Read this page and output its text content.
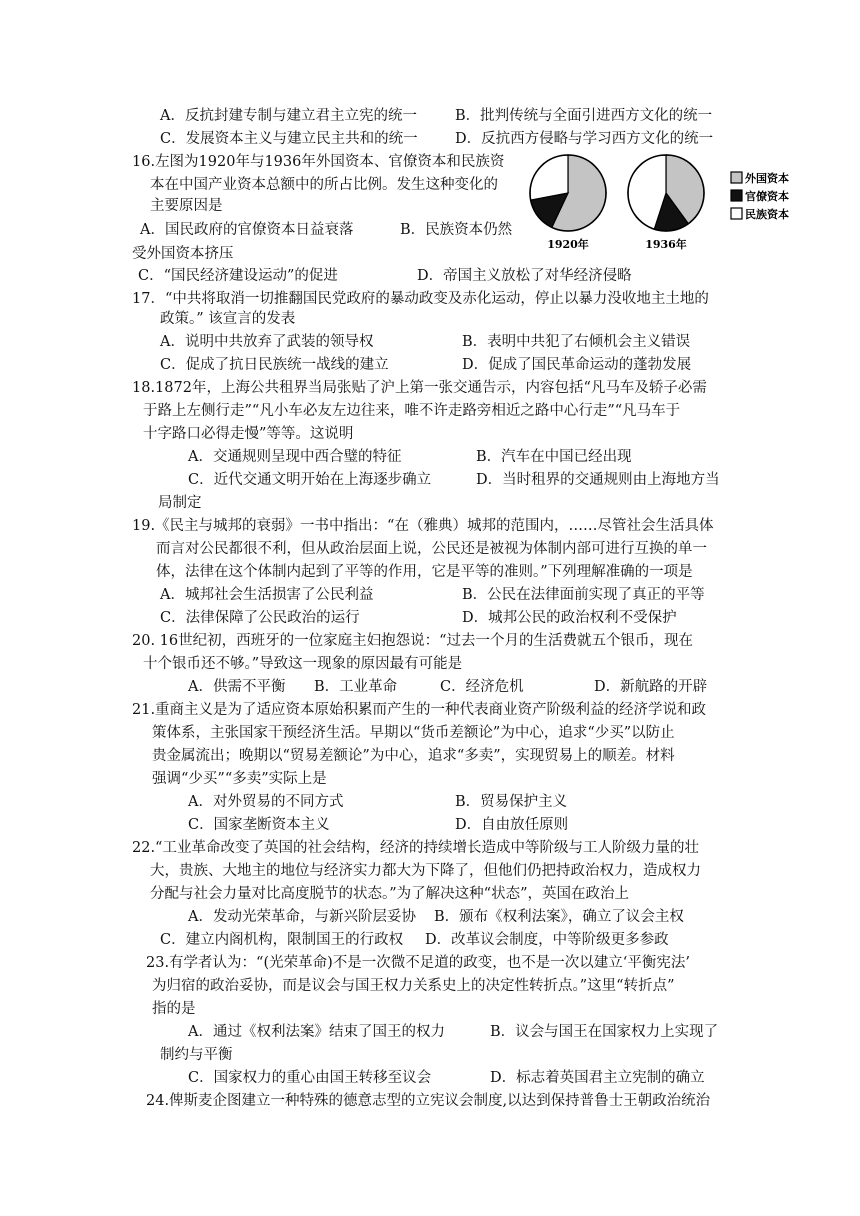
A．反抗封建专制与建立君主立宪的统一	B．批判传统与全面引进西方文化的统一
C．发展资本主义与建立民主共和的统一	D．反抗西方侵略与学习西方文化的统一
16.左图为1920年与1936年外国资本、官僚资本和民族资
本在中国产业资本总额中的所占比例。发生这种变化的
主要原因是
A．国民政府的官僚资本日益衰落	B．民族资本仍然
受外国资本挤压
C．“国民经济建设运动”的促进	D．帝国主义放松了对华经济侵略
1920年	1936年
外国资本
官僚资本
民族资本
17．“中共将取消一切推翻国民党政府的暴动政变及赤化运动，停止以暴力没收地主土地的
政策。” 该宣言的发表
A．说明中共放弃了武装的领导权	B．表明中共犯了右倾机会主义错误
C．促成了抗日民族统一战线的建立	D．促成了国民革命运动的蓬勃发展
18.1872年，上海公共租界当局张贴了沪上第一张交通告示，内容包括“凡马车及轿子必需
于路上左侧行走”“凡小车必友左边往来，唯不许走路旁相近之路中心行走”“凡马车于
十字路口必得走慢”等等。这说明
A．交通规则呈现中西合璧的特征	B．汽车在中国已经出现
C．近代交通文明开始在上海逐步确立	D．当时租界的交通规则由上海地方当
局制定
19.《民主与城邦的衰弱》一书中指出：“在（雅典）城邦的范围内，……尽管社会生活具体
而言对公民都很不利，但从政治层面上说，公民还是被视为体制内部可进行互换的单一
体，法律在这个体制内起到了平等的作用，它是平等的准则。”下列理解准确的一项是
A．城邦社会生活损害了公民利益	B．公民在法律面前实现了真正的平等
C．法律保障了公民政治的运行	D．城邦公民的政治权利不受保护
20. 16世纪初，西班牙的一位家庭主妇抱怨说：“过去一个月的生活费就五个银币，现在
十个银币还不够。”导致这一现象的原因最有可能是
A．供需不平衡 B．工业革命	C．经济危机	D．新航路的开辟
21.重商主义是为了适应资本原始积累而产生的一种代表商业资产阶级利益的经济学说和政
策体系，主张国家干预经济生活。早期以“货币差额论”为中心，追求“少买”以防止
贵金属流出；晚期以“贸易差额论”为中心，追求“多卖”，实现贸易上的顺差。材料
强调“少买”“多卖”实际上是
A．对外贸易的不同方式	B．贸易保护主义
C．国家垄断资本主义	D．自由放任原则
22.“工业革命改变了英国的社会结构，经济的持续增长造成中等阶级与工人阶级力量的壮
大，贵族、大地主的地位与经济实力都大为下降了，但他们仍把持政治权力，造成权力
分配与社会力量对比高度脱节的状态。”为了解决这种“状态”，英国在政治上
A．发动光荣革命，与新兴阶层妥协 B．颁布《权利法案》，确立了议会主权
C．建立内阁机构，限制国王的行政权 D．改革议会制度，中等阶级更多参政
23.有学者认为：“(光荣革命)不是一次微不足道的政变，也不是一次以建立‘平衡宪法’
为归宿的政治妥协，而是议会与国王权力关系史上的决定性转折点。”这里“转折点”
指的是
A．通过《权利法案》结束了国王的权力	B．议会与国王在国家权力上实现了
制约与平衡
C．国家权力的重心由国王转移至议会	D．标志着英国君主立宪制的确立
24.俾斯麦企图建立一种特殊的德意志型的立宪议会制度,以达到保持普鲁士王朝政治统治
